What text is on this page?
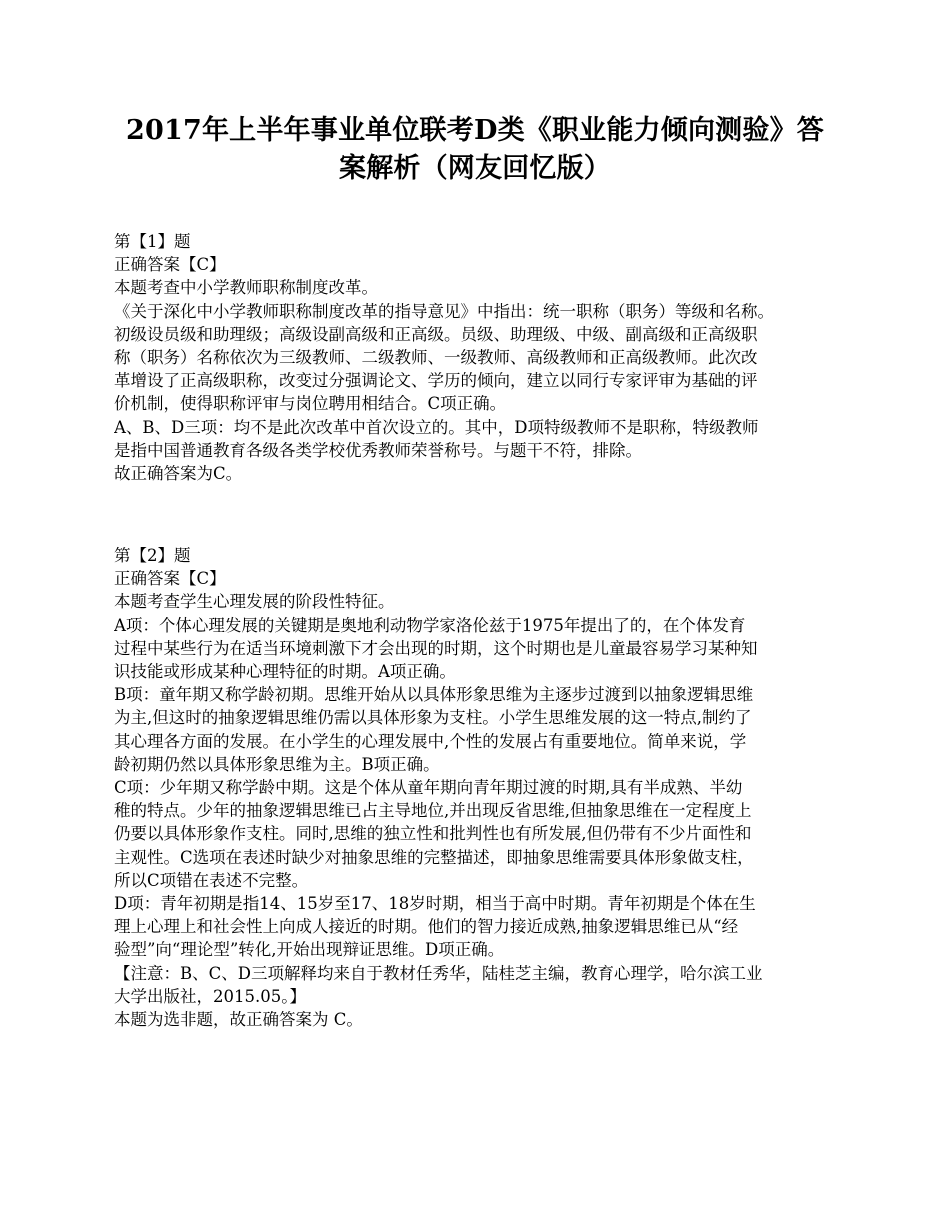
2017年上半年事业单位联考D类《职业能力倾向测验》答
案解析（网友回忆版）
第【1】题
正确答案【C】
本题考查中小学教师职称制度改革。
《关于深化中小学教师职称制度改革的指导意见》中指出：统一职称（职务）等级和名称。
初级设员级和助理级；高级设副高级和正高级。员级、助理级、中级、副高级和正高级职
称（职务）名称依次为三级教师、二级教师、一级教师、高级教师和正高级教师。此次改
革增设了正高级职称，改变过分强调论文、学历的倾向，建立以同行专家评审为基础的评
价机制，使得职称评审与岗位聘用相结合。C项正确。
A、B、D三项：均不是此次改革中首次设立的。其中，D项特级教师不是职称，特级教师
是指中国普通教育各级各类学校优秀教师荣誉称号。与题干不符，排除。
故正确答案为C。
第【2】题
正确答案【C】
本题考查学生心理发展的阶段性特征。
A项：个体心理发展的关键期是奥地利动物学家洛伦兹于1975年提出了的，在个体发育
过程中某些行为在适当环境刺激下才会出现的时期，这个时期也是儿童最容易学习某种知
识技能或形成某种心理特征的时期。A项正确。
B项：童年期又称学龄初期。思维开始从以具体形象思维为主逐步过渡到以抽象逻辑思维
为主,但这时的抽象逻辑思维仍需以具体形象为支柱。小学生思维发展的这一特点,制约了
其心理各方面的发展。在小学生的心理发展中,个性的发展占有重要地位。简单来说，学
龄初期仍然以具体形象思维为主。B项正确。
C项：少年期又称学龄中期。这是个体从童年期向青年期过渡的时期,具有半成熟、半幼
稚的特点。少年的抽象逻辑思维已占主导地位,并出现反省思维,但抽象思维在一定程度上
仍要以具体形象作支柱。同时,思维的独立性和批判性也有所发展,但仍带有不少片面性和
主观性。C选项在表述时缺少对抽象思维的完整描述，即抽象思维需要具体形象做支柱，
所以C项错在表述不完整。
D项：青年初期是指14、15岁至17、18岁时期，相当于高中时期。青年初期是个体在生
理上心理上和社会性上向成人接近的时期。他们的智力接近成熟,抽象逻辑思维已从“经
验型”向“理论型”转化,开始出现辩证思维。D项正确。
【注意：B、C、D三项解释均来自于教材任秀华，陆桂芝主编，教育心理学，哈尔滨工业
大学出版社，2015.05。】
本题为选非题，故正确答案为 C。
